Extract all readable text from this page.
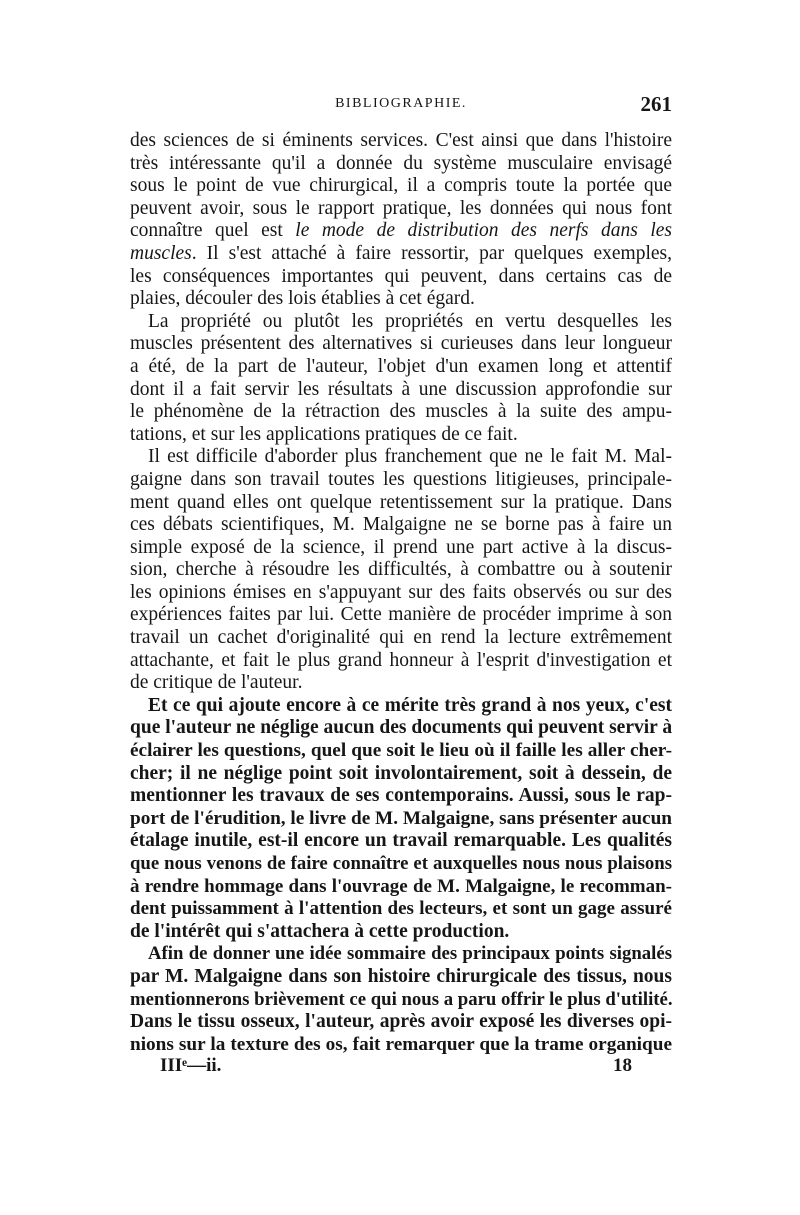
BIBLIOGRAPHIE.	261
des sciences de si éminents services. C'est ainsi que dans l'histoire
très intéressante qu'il a donnée du système musculaire envisagé
sous le point de vue chirurgical, il a compris toute la portée que
peuvent avoir, sous le rapport pratique, les données qui nous font
connaître quel est le mode de distribution des nerfs dans les
muscles. Il s'est attaché à faire ressortir, par quelques exemples,
les conséquences importantes qui peuvent, dans certains cas de
plaies, découler des lois établies à cet égard.
La propriété ou plutôt les propriétés en vertu desquelles les
muscles présentent des alternatives si curieuses dans leur longueur
a été, de la part de l'auteur, l'objet d'un examen long et attentif
dont il a fait servir les résultats à une discussion approfondie sur
le phénomène de la rétraction des muscles à la suite des ampu-
tations, et sur les applications pratiques de ce fait.
Il est difficile d'aborder plus franchement que ne le fait M. Mal-
gaigne dans son travail toutes les questions litigieuses, principale-
ment quand elles ont quelque retentissement sur la pratique. Dans
ces débats scientifiques, M. Malgaigne ne se borne pas à faire un
simple exposé de la science, il prend une part active à la discus-
sion, cherche à résoudre les difficultés, à combattre ou à soutenir
les opinions émises en s'appuyant sur des faits observés ou sur des
expériences faites par lui. Cette manière de procéder imprime à son
travail un cachet d'originalité qui en rend la lecture extrêmement
attachante, et fait le plus grand honneur à l'esprit d'investigation et
de critique de l'auteur.
Et ce qui ajoute encore à ce mérite très grand à nos yeux, c'est
que l'auteur ne néglige aucun des documents qui peuvent servir à
éclairer les questions, quel que soit le lieu où il faille les aller cher-
cher; il ne néglige point soit involontairement, soit à dessein, de
mentionner les travaux de ses contemporains. Aussi, sous le rap-
port de l'érudition, le livre de M. Malgaigne, sans présenter aucun
étalage inutile, est-il encore un travail remarquable. Les qualités
que nous venons de faire connaître et auxquelles nous nous plaisons
à rendre hommage dans l'ouvrage de M. Malgaigne, le recomman-
dent puissamment à l'attention des lecteurs, et sont un gage assuré
de l'intérêt qui s'attachera à cette production.
Afin de donner une idée sommaire des principaux points signalés
par M. Malgaigne dans son histoire chirurgicale des tissus, nous
mentionnerons brièvement ce qui nous a paru offrir le plus d'utilité.
Dans le tissu osseux, l'auteur, après avoir exposé les diverses opi-
nions sur la texture des os, fait remarquer que la trame organique
IIIᵉ—ii.	18
